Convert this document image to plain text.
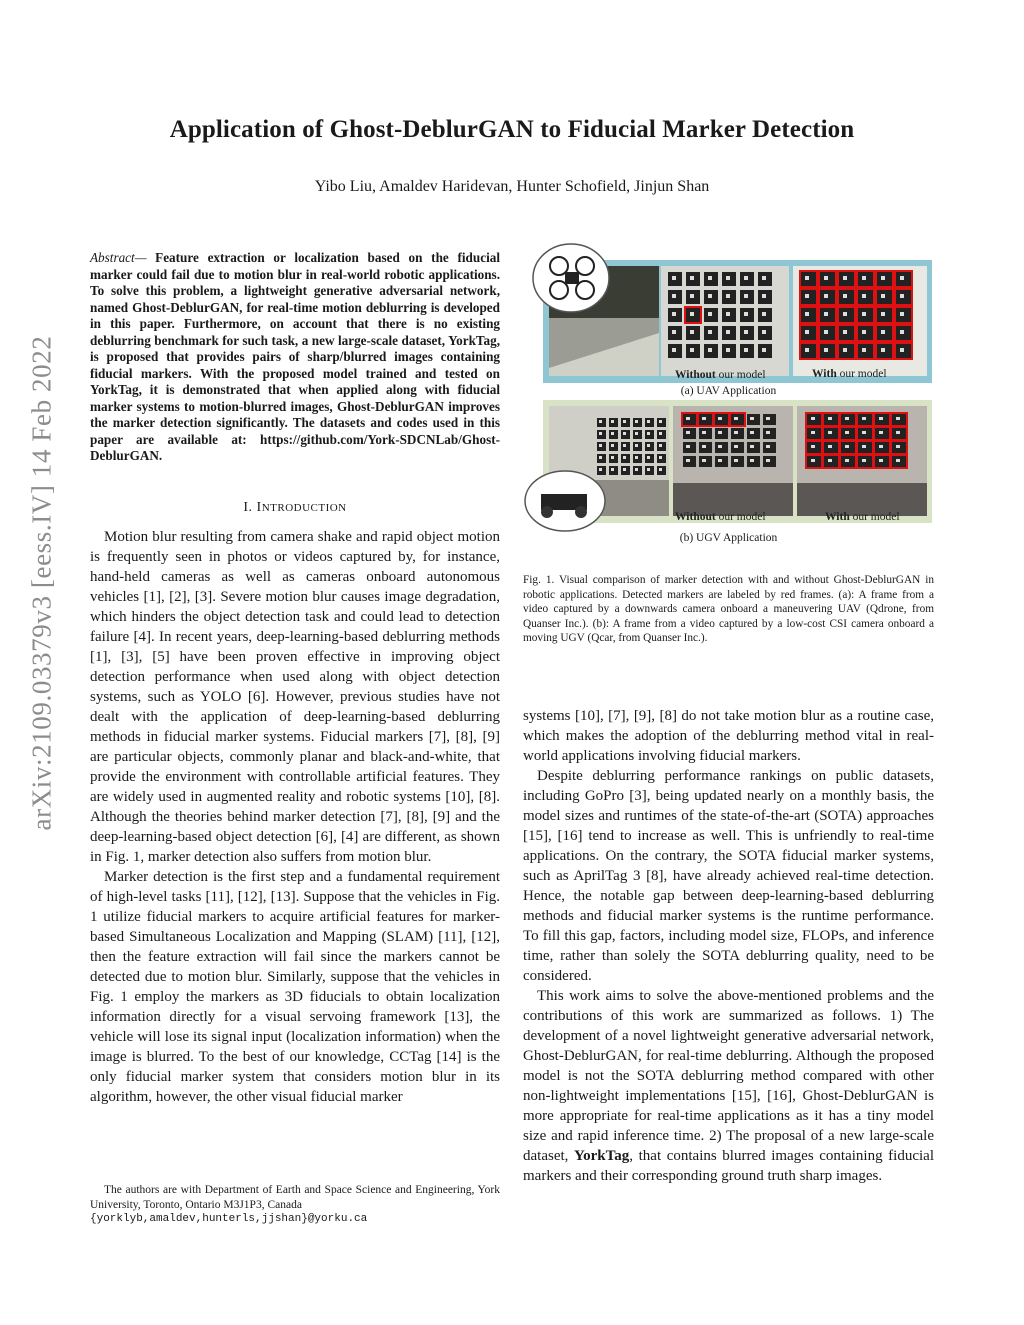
arXiv:2109.03379v3 [eess.IV] 14 Feb 2022
Application of Ghost-DeblurGAN to Fiducial Marker Detection
Yibo Liu, Amaldev Haridevan, Hunter Schofield, Jinjun Shan
Abstract— Feature extraction or localization based on the fiducial marker could fail due to motion blur in real-world robotic applications. To solve this problem, a lightweight generative adversarial network, named Ghost-DeblurGAN, for real-time motion deblurring is developed in this paper. Furthermore, on account that there is no existing deblurring benchmark for such task, a new large-scale dataset, YorkTag, is proposed that provides pairs of sharp/blurred images containing fiducial markers. With the proposed model trained and tested on YorkTag, it is demonstrated that when applied along with fiducial marker systems to motion-blurred images, Ghost-DeblurGAN improves the marker detection significantly. The datasets and codes used in this paper are available at: https://github.com/York-SDCNLab/Ghost-DeblurGAN.
I. INTRODUCTION

Motion blur resulting from camera shake and rapid object motion is frequently seen in photos or videos captured by, for instance, hand-held cameras as well as cameras onboard autonomous vehicles [1], [2], [3]. Severe motion blur causes image degradation, which hinders the object detection task and could lead to detection failure [4]. In recent years, deep-learning-based deblurring methods [1], [3], [5] have been proven effective in improving object detection performance when used along with object detection systems, such as YOLO [6]. However, previous studies have not dealt with the application of deep-learning-based deblurring methods in fiducial marker systems. Fiducial markers [7], [8], [9] are particular objects, commonly planar and black-and-white, that provide the environment with controllable artificial features. They are widely used in augmented reality and robotic systems [10], [8]. Although the theories behind marker detection [7], [8], [9] and the deep-learning-based object detection [6], [4] are different, as shown in Fig. 1, marker detection also suffers from motion blur.

Marker detection is the first step and a fundamental requirement of high-level tasks [11], [12], [13]. Suppose that the vehicles in Fig. 1 utilize fiducial markers to acquire artificial features for marker-based Simultaneous Localization and Mapping (SLAM) [11], [12], then the feature extraction will fail since the markers cannot be detected due to motion blur. Similarly, suppose that the vehicles in Fig. 1 employ the markers as 3D fiducials to obtain localization information directly for a visual servoing framework [13], the vehicle will lose its signal input (localization information) when the image is blurred. To the best of our knowledge, CCTag [14] is the only fiducial marker system that considers motion blur in its algorithm, however, the other visual fiducial marker

The authors are with Department of Earth and Space Science and Engineering, York University, Toronto, Ontario M3J1P3, Canada
{yorklyb,amaldev,hunterls,jjshan}@yorku.ca
Without our model	With our model
Without our model	With our model
(a) UAV Application
(b) UGV Application
Fig. 1. Visual comparison of marker detection with and without Ghost-DeblurGAN in robotic applications. Detected markers are labeled by red frames. (a): A frame from a video captured by a downwards camera onboard a maneuvering UAV (Qdrone, from Quanser Inc.). (b): A frame from a video captured by a low-cost CSI camera onboard a moving UGV (Qcar, from Quanser Inc.).

systems [10], [7], [9], [8] do not take motion blur as a routine case, which makes the adoption of the deblurring method vital in real-world applications involving fiducial markers.

Despite deblurring performance rankings on public datasets, including GoPro [3], being updated nearly on a monthly basis, the model sizes and runtimes of the state-of-the-art (SOTA) approaches [15], [16] tend to increase as well. This is unfriendly to real-time applications. On the contrary, the SOTA fiducial marker systems, such as AprilTag 3 [8], have already achieved real-time detection. Hence, the notable gap between deep-learning-based deblurring methods and fiducial marker systems is the runtime performance. To fill this gap, factors, including model size, FLOPs, and inference time, rather than solely the SOTA deblurring quality, need to be considered.

This work aims to solve the above-mentioned problems and the contributions of this work are summarized as follows. 1) The development of a novel lightweight generative adversarial network, Ghost-DeblurGAN, for real-time deblurring. Although the proposed model is not the SOTA deblurring method compared with other non-lightweight implementations [15], [16], Ghost-DeblurGAN is more appropriate for real-time applications as it has a tiny model size and rapid inference time. 2) The proposal of a new large-scale dataset, YorkTag, that contains blurred images containing fiducial markers and their corresponding ground truth sharp images.
